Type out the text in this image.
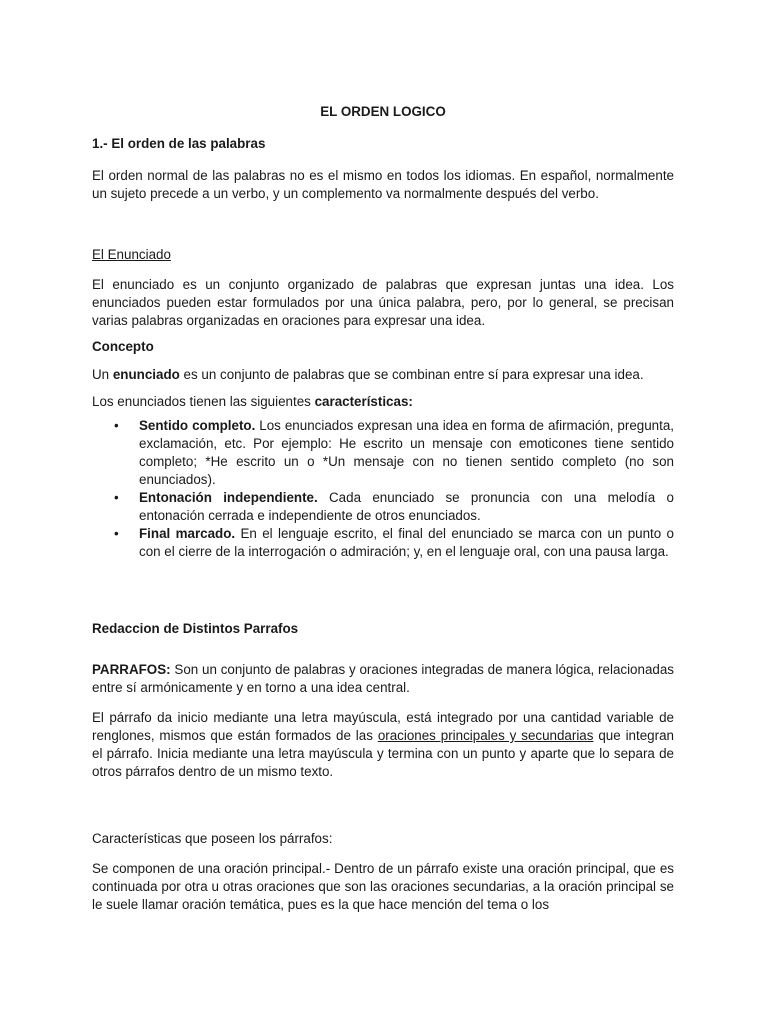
EL ORDEN LOGICO

1.- El orden de las palabras

El orden normal de las palabras no es el mismo en todos los idiomas. En español, normalmente un sujeto precede a un verbo, y un complemento va normalmente después del verbo.

El Enunciado

El enunciado es un conjunto organizado de palabras que expresan juntas una idea. Los enunciados pueden estar formulados por una única palabra, pero, por lo general, se precisan varias palabras organizadas en oraciones para expresar una idea.

Concepto

Un enunciado es un conjunto de palabras que se combinan entre sí para expresar una idea.

Los enunciados tienen las siguientes características:

• Sentido completo. Los enunciados expresan una idea en forma de afirmación, pregunta, exclamación, etc. Por ejemplo: He escrito un mensaje con emoticones tiene sentido completo; *He escrito un o *Un mensaje con no tienen sentido completo (no son enunciados).
• Entonación independiente. Cada enunciado se pronuncia con una melodía o entonación cerrada e independiente de otros enunciados.
• Final marcado. En el lenguaje escrito, el final del enunciado se marca con un punto o con el cierre de la interrogación o admiración; y, en el lenguaje oral, con una pausa larga.

Redaccion de Distintos Parrafos

PARRAFOS: Son un conjunto de palabras y oraciones integradas de manera lógica, relacionadas entre sí armónicamente y en torno a una idea central.

El párrafo da inicio mediante una letra mayúscula, está integrado por una cantidad variable de renglones, mismos que están formados de las oraciones principales y secundarias que integran el párrafo. Inicia mediante una letra mayúscula y termina con un punto y aparte que lo separa de otros párrafos dentro de un mismo texto.

Características que poseen los párrafos:

Se componen de una oración principal.- Dentro de un párrafo existe una oración principal, que es continuada por otra u otras oraciones que son las oraciones secundarias, a la oración principal se le suele llamar oración temática, pues es la que hace mención del tema o los
